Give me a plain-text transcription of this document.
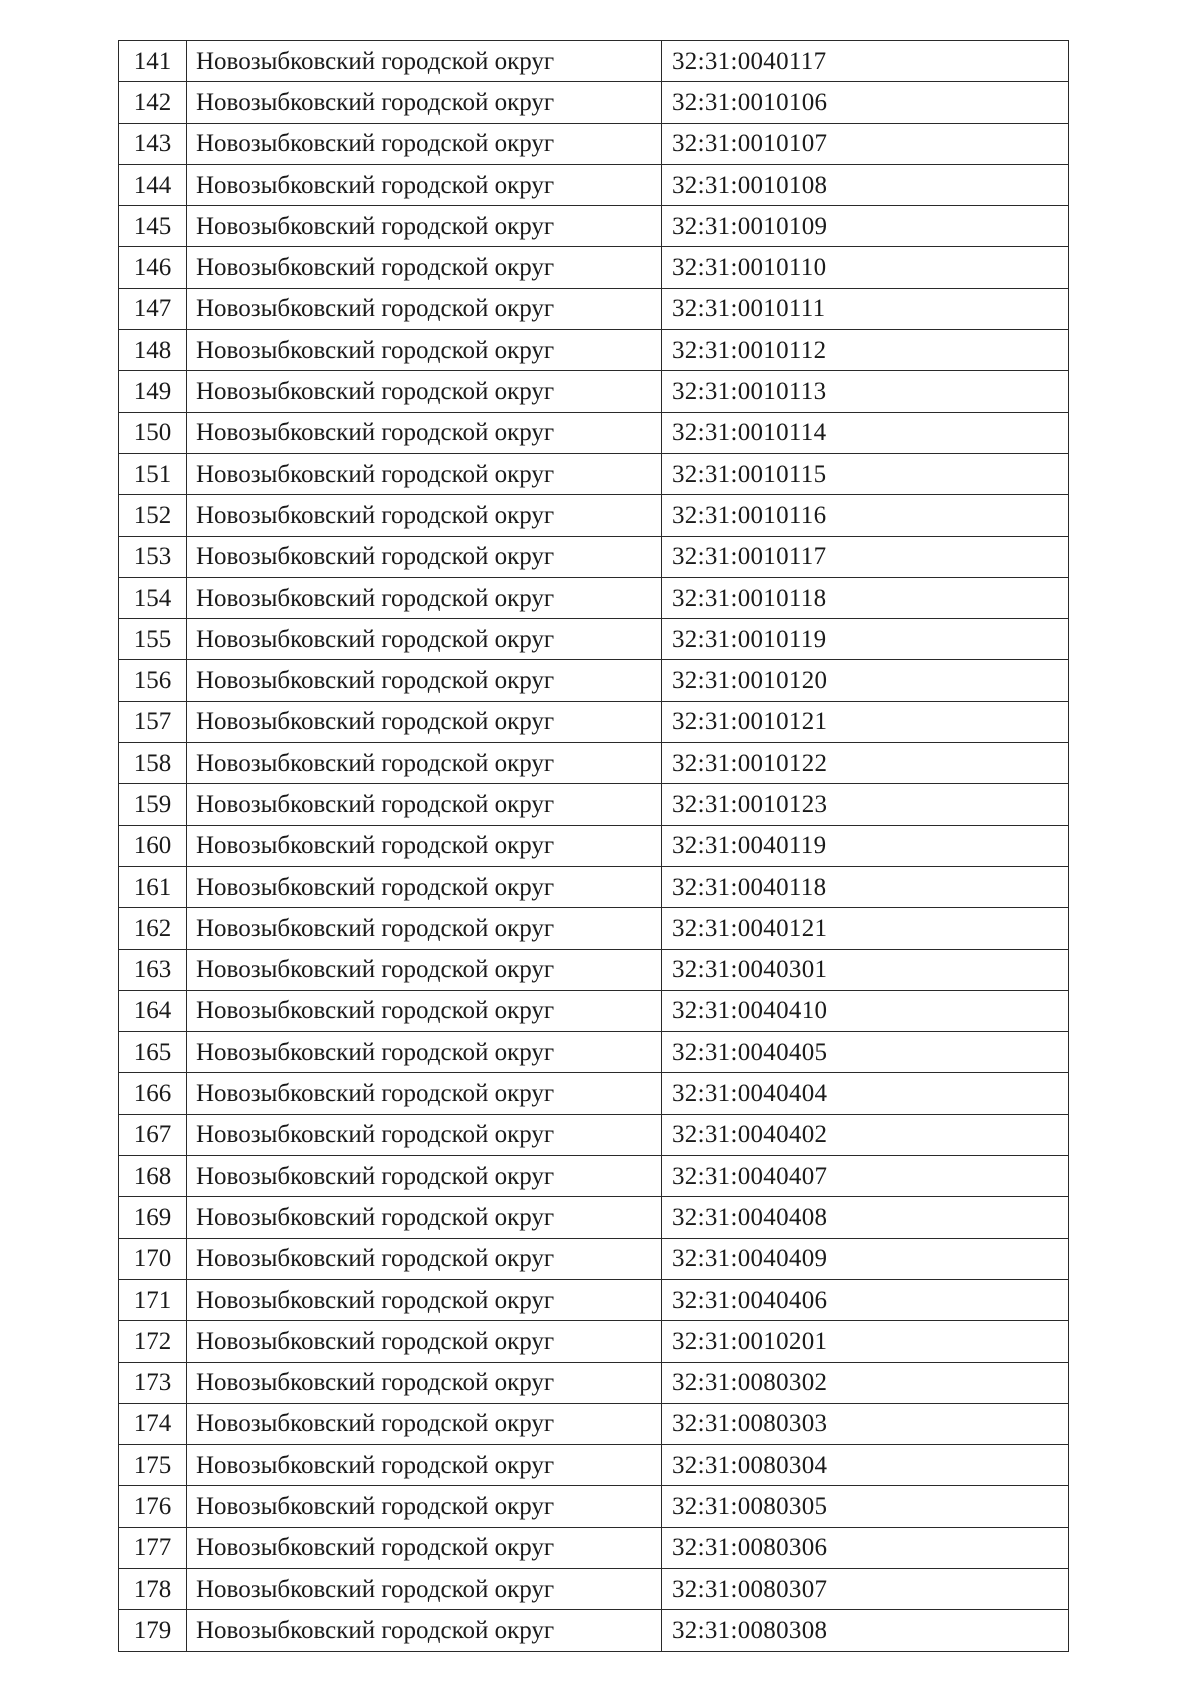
141	Новозыбковский городской округ	32:31:0040117
142	Новозыбковский городской округ	32:31:0010106
143	Новозыбковский городской округ	32:31:0010107
144	Новозыбковский городской округ	32:31:0010108
145	Новозыбковский городской округ	32:31:0010109
146	Новозыбковский городской округ	32:31:0010110
147	Новозыбковский городской округ	32:31:0010111
148	Новозыбковский городской округ	32:31:0010112
149	Новозыбковский городской округ	32:31:0010113
150	Новозыбковский городской округ	32:31:0010114
151	Новозыбковский городской округ	32:31:0010115
152	Новозыбковский городской округ	32:31:0010116
153	Новозыбковский городской округ	32:31:0010117
154	Новозыбковский городской округ	32:31:0010118
155	Новозыбковский городской округ	32:31:0010119
156	Новозыбковский городской округ	32:31:0010120
157	Новозыбковский городской округ	32:31:0010121
158	Новозыбковский городской округ	32:31:0010122
159	Новозыбковский городской округ	32:31:0010123
160	Новозыбковский городской округ	32:31:0040119
161	Новозыбковский городской округ	32:31:0040118
162	Новозыбковский городской округ	32:31:0040121
163	Новозыбковский городской округ	32:31:0040301
164	Новозыбковский городской округ	32:31:0040410
165	Новозыбковский городской округ	32:31:0040405
166	Новозыбковский городской округ	32:31:0040404
167	Новозыбковский городской округ	32:31:0040402
168	Новозыбковский городской округ	32:31:0040407
169	Новозыбковский городской округ	32:31:0040408
170	Новозыбковский городской округ	32:31:0040409
171	Новозыбковский городской округ	32:31:0040406
172	Новозыбковский городской округ	32:31:0010201
173	Новозыбковский городской округ	32:31:0080302
174	Новозыбковский городской округ	32:31:0080303
175	Новозыбковский городской округ	32:31:0080304
176	Новозыбковский городской округ	32:31:0080305
177	Новозыбковский городской округ	32:31:0080306
178	Новозыбковский городской округ	32:31:0080307
179	Новозыбковский городской округ	32:31:0080308
